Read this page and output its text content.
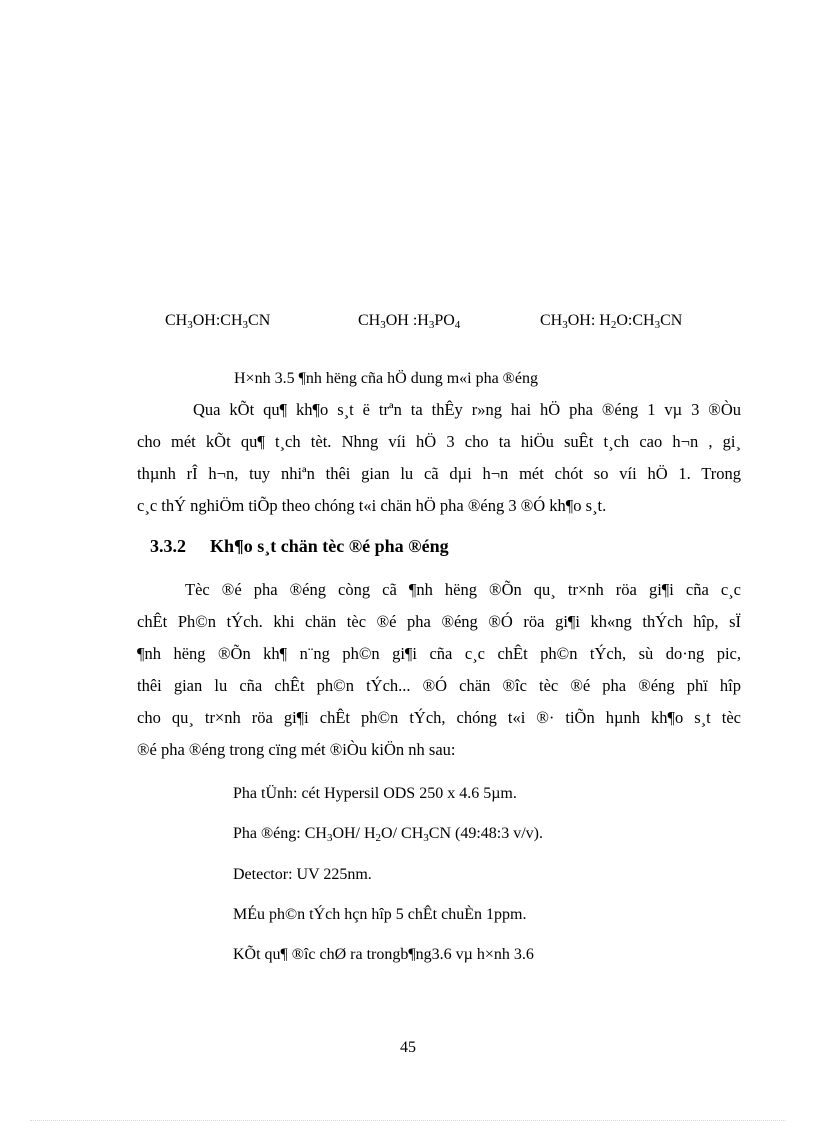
$CH_3OH:CH_3CN$	$CH_3OH$ $:H_3PO_4$	$CH_3OH$: $H_2O:CH_3CN$
H×nh 3.5 ¶nh hëng cña hÖ dung m«i pha ®éng

Qua kÕt qu¶ kh¶o s¸t ë trªn ta thÊy r»ng hai hÖ pha ®éng 1 vµ 3 ®Òu
cho mét kÕt qu¶ t¸ch tèt. Nhng víi hÖ 3 cho ta hiÖu suÊt t¸ch cao h¬n , gi¸
thµnh rÎ h¬n, tuy nhiªn thêi gian lu cã dµi h¬n mét chót so víi hÖ 1. Trong
c¸c thÝ nghiÖm tiÕp theo chóng t«i chän hÖ pha ®éng 3 ®Ó kh¶o s¸t.

3.3.2 Kh¶o s¸t chän tèc ®é pha ®éng

Tèc ®é pha ®éng còng cã ¶nh hëng ®Õn qu¸ tr×nh röa gi¶i cña c¸c
chÊt Ph©n tÝch. khi chän tèc ®é pha ®éng ®Ó röa gi¶i kh«ng thÝch hîp, sÏ
¶nh hëng ®Õn kh¶ n¨ng ph©n gi¶i cña c¸c chÊt ph©n tÝch, sù do·ng pic,
thêi gian lu cña chÊt ph©n tÝch... ®Ó chän ®îc tèc ®é pha ®éng phï hîp
cho qu¸ tr×nh röa gi¶i chÊt ph©n tÝch, chóng t«i ®· tiÕn hµnh kh¶o s¸t tèc
®é pha ®éng trong cïng mét ®iÒu kiÖn nh sau:

Pha tÜnh: cét Hypersil ODS 250 x 4.6 5µm.
Pha ®éng: $CH_3OH/$ $H_2O/$ $CH_3CN$ (49:48:3 v/v).
Detector: UV 225nm.
MÉu ph©n tÝch hçn hîp 5 chÊt chuÈn 1ppm.
KÕt qu¶ ®îc chØ ra trongb¶ng3.6 vµ h×nh 3.6
45
